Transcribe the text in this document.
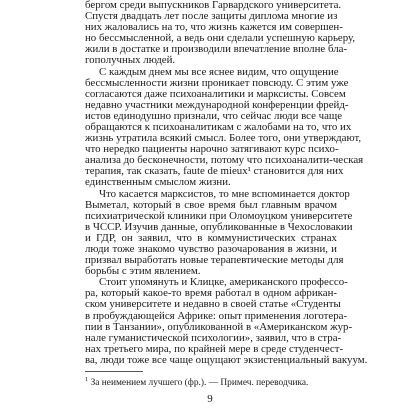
бергом среди выпускников Гарвардского университета.
Спустя двадцать лет после защиты диплома многие из
них жаловались на то, что жизнь кажется им совершен-
но бессмысленной, а ведь они сделали успешную карьеру,
жили в достатке и производили впечатление вполне бла-
гополучных людей.
С каждым днем мы все яснее видим, что ощущение
бессмысленности жизни проникает повсюду. С этим уже
согласаются даже психоаналитики и марксисты. Совсем
недавно участники международной конференции фрейд-
истов единодушно признали, что сейчас люди все чаще
обращаются к психоаналитикам с жалобами на то, что их
жизнь утратила всякий смысл. Более того, они утверждают,
что нередко пациенты нарочно затягивают курс психо-
анализа до бесконечности, потому что психоаналити-ческая
терапия, так сказать, faute de mieux¹ становится для них
единственным смыслом жизни.
Что касается марксистов, то мне вспоминается доктор
Выметал, который в свое время был главным врачом
психиатрической клиники при Оломоуцком университете
в ЧССР. Изучив данные, опубликованные в Чехословакии
и ГДР, он заявил, что в коммунистических странах
люди тоже знакомо чувство разочарования в жизни, и
призвал выработать новые терапевтические методы для
борьбы с этим явлением.
Стоит упомянуть и Клицке, американского профессо-
ра, который какое-то время работал в одном африкан-
ском университете и недавно в своей статье «Студенты
в пробуждающейся Африке: опыт применения логотера-
пии в Танзании», опубликованной в «Американском жур-
нале гуманистической психологии», заявил, что в стра-
нах третьего мира, по крайней мере в среде студенчест-
ва, люди тоже все чаще ощущают экзистенциальный вакуум.
$^1$ За неимением лучшего (фр.). — Примеч. переводчика.
9
